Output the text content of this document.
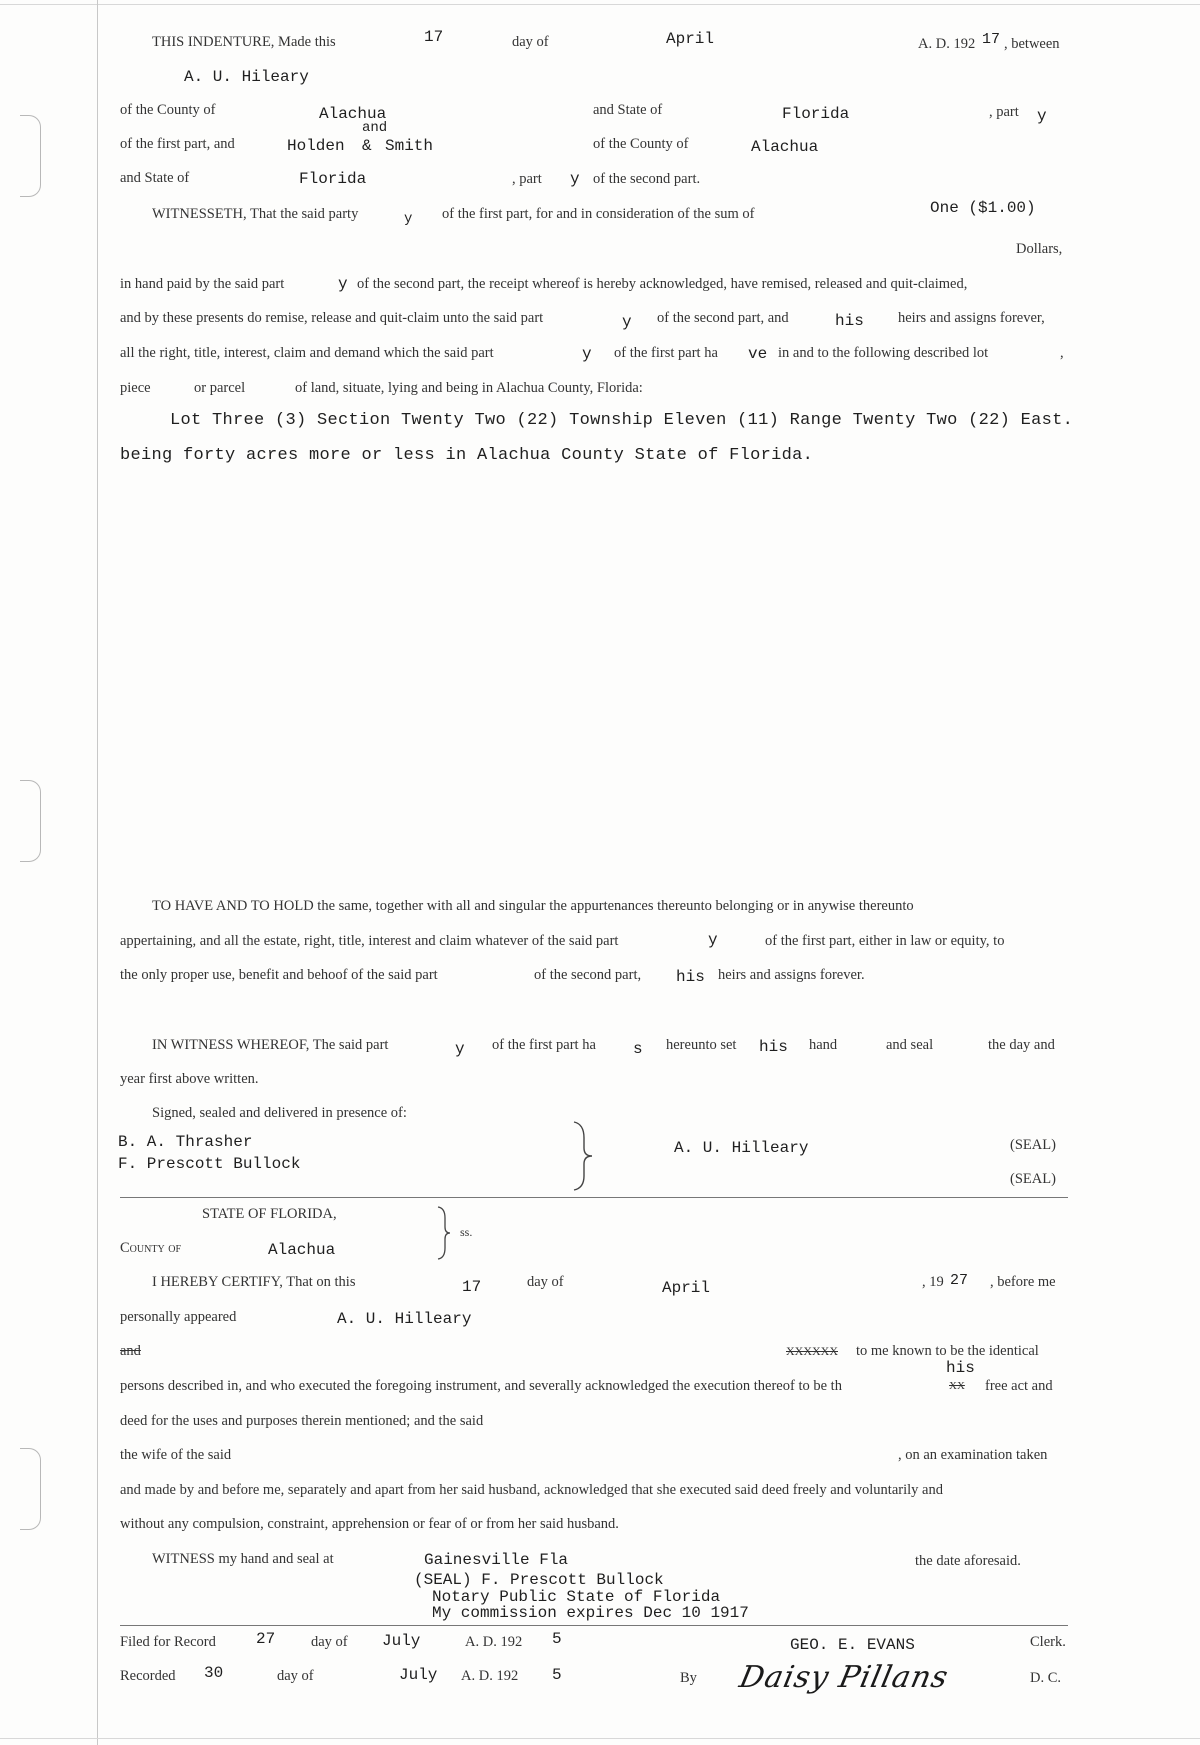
THIS INDENTURE, Made this	17	day of	April	A. D. 192 17 , between
A. U. Hileary
of the County of	Alachua	and State of	Florida	, part y
of the first part, and	Holden
and
& Smith	of the County of	Alachua
and State of	Florida	, part y of the second part.
WITNESSETH, That the said party	y of the first part, for and in consideration of the sum of	One ($1.00)
Dollars,
in hand paid by the said part	y of the second part, the receipt whereof is hereby acknowledged, have remised, released and quit-claimed,
and by these presents do remise, release and quit-claim unto the said part	y of the second part, and	his heirs and assigns forever,
all the right, title, interest, claim and demand which the said part	y of the first part ha ve in and to the following described lot	,
piece	or parcel	of land, situate, lying and being in Alachua County, Florida:
Lot Three (3) Section Twenty Two (22) Township Eleven (11) Range Twenty Two (22) East.
being forty acres more or less in Alachua County State of Florida.
TO HAVE AND TO HOLD the same, together with all and singular the appurtenances thereunto belonging or in anywise thereunto
appertaining, and all the estate, right, title, interest and claim whatever of the said part	y	of the first part, either in law or equity, to
the only proper use, benefit and behoof of the said part	of the second part, his heirs and assigns forever.
IN WITNESS WHEREOF, The said part	y of the first part ha s hereunto set his hand	and seal	the day and
year first above written.
Signed, sealed and delivered in presence of:
B. A. Thrasher
F. Prescott Bullock
A. U. Hilleary	(SEAL)
(SEAL)
STATE OF FLORIDA,
County of	Alachua
ss.
I HEREBY CERTIFY, That on this	17	day of	April	, 19 27 , before me
personally appeared	A. U. Hilleary
and	XXXXXX to me known to be the identical
his
persons described in, and who executed the foregoing instrument, and severally acknowledged the execution thereof to be th	XX free act and
deed for the uses and purposes therein mentioned; and the said
the wife of the said	, on an examination taken
and made by and before me, separately and apart from her said husband, acknowledged that she executed said deed freely and voluntarily and
without any compulsion, constraint, apprehension or fear of or from her said husband.
WITNESS my hand and seal at	Gainesville Fla	the date aforesaid.
(SEAL) F. Prescott Bullock
Notary Public State of Florida
My commission expires Dec 10 1917
Filed for Record	27 day of July	A. D. 192 5	GEO. E. EVANS	Clerk.
Recorded 30	day of	July A. D. 192 5	By Daisy Pillans	D. C.
